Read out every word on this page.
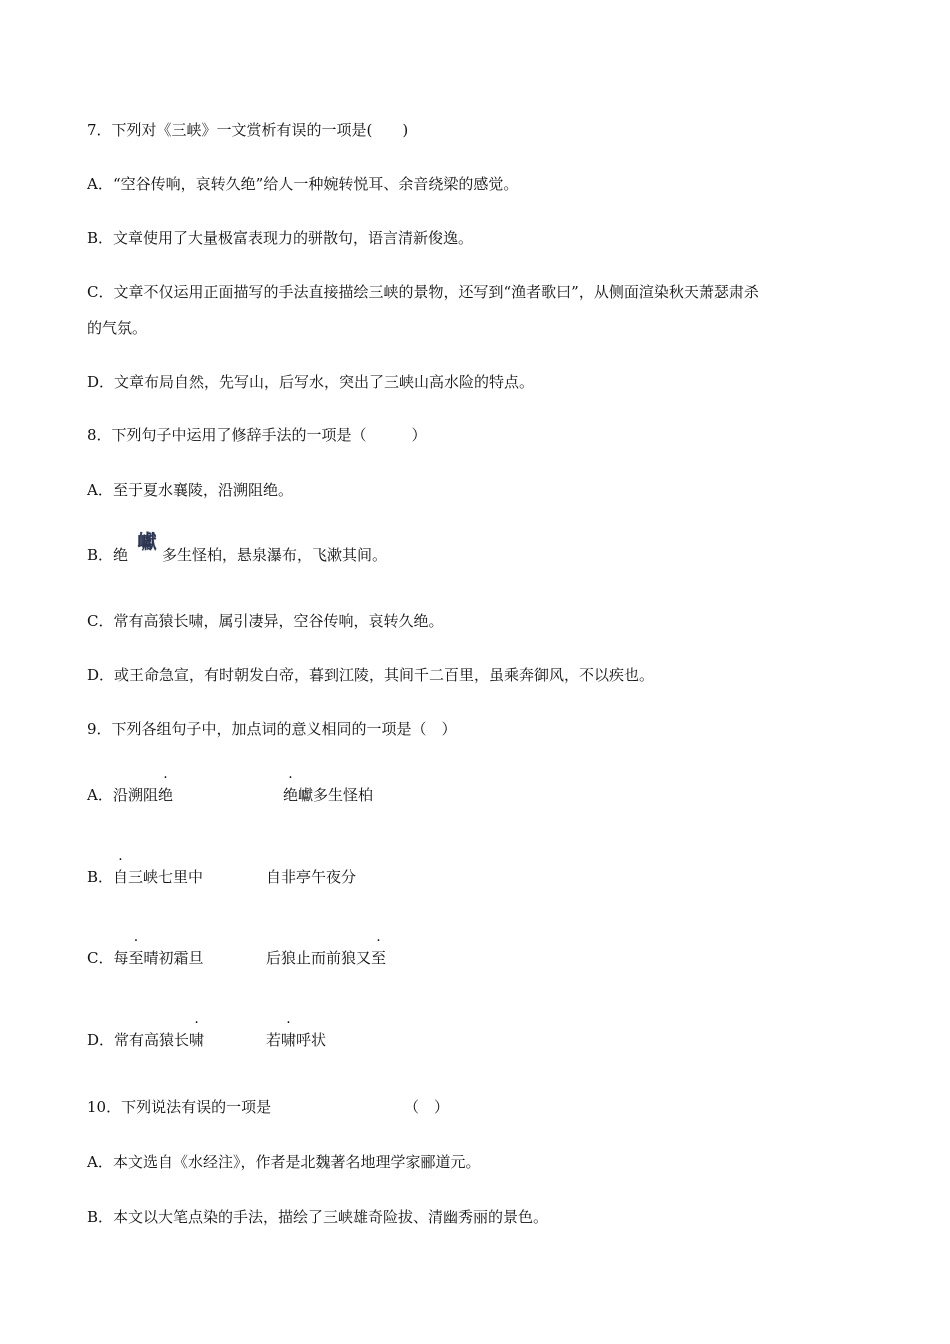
7．下列对《三峡》一文赏析有误的一项是(　　)
A．“空谷传响，哀转久绝”给人一种婉转悦耳、余音绕梁的感觉。
B．文章使用了大量极富表现力的骈散句，语言清新俊逸。
C．文章不仅运用正面描写的手法直接描绘三峡的景物，还写到“渔者歌曰”，从侧面渲染秋天萧瑟肃杀
的气氛。
D．文章布局自然，先写山，后写水，突出了三峡山高水险的特点。
8．下列句子中运用了修辞手法的一项是（　　　）
A．至于夏水襄陵，沿溯阻绝。
B．绝 多生怪柏，悬泉瀑布，飞漱其间。
巘
C．常有高猿长啸，属引凄异，空谷传响，哀转久绝。
D．或王命急宣，有时朝发白帝，暮到江陵，其间千二百里，虽乘奔御风，不以疾也。
9．下列各组句子中，加点词的意义相同的一项是（　）
A．沿溯阻绝	绝巘多生怪柏
B．自三峡七里中	自非亭午夜分
C．每至晴初霜旦	后狼止而前狼又至
D．常有高猿长啸	若啸呼状
10．下列说法有误的一项是	（　）
A．本文选自《水经注》，作者是北魏著名地理学家郦道元。
B．本文以大笔点染的手法，描绘了三峡雄奇险拔、清幽秀丽的景色。
